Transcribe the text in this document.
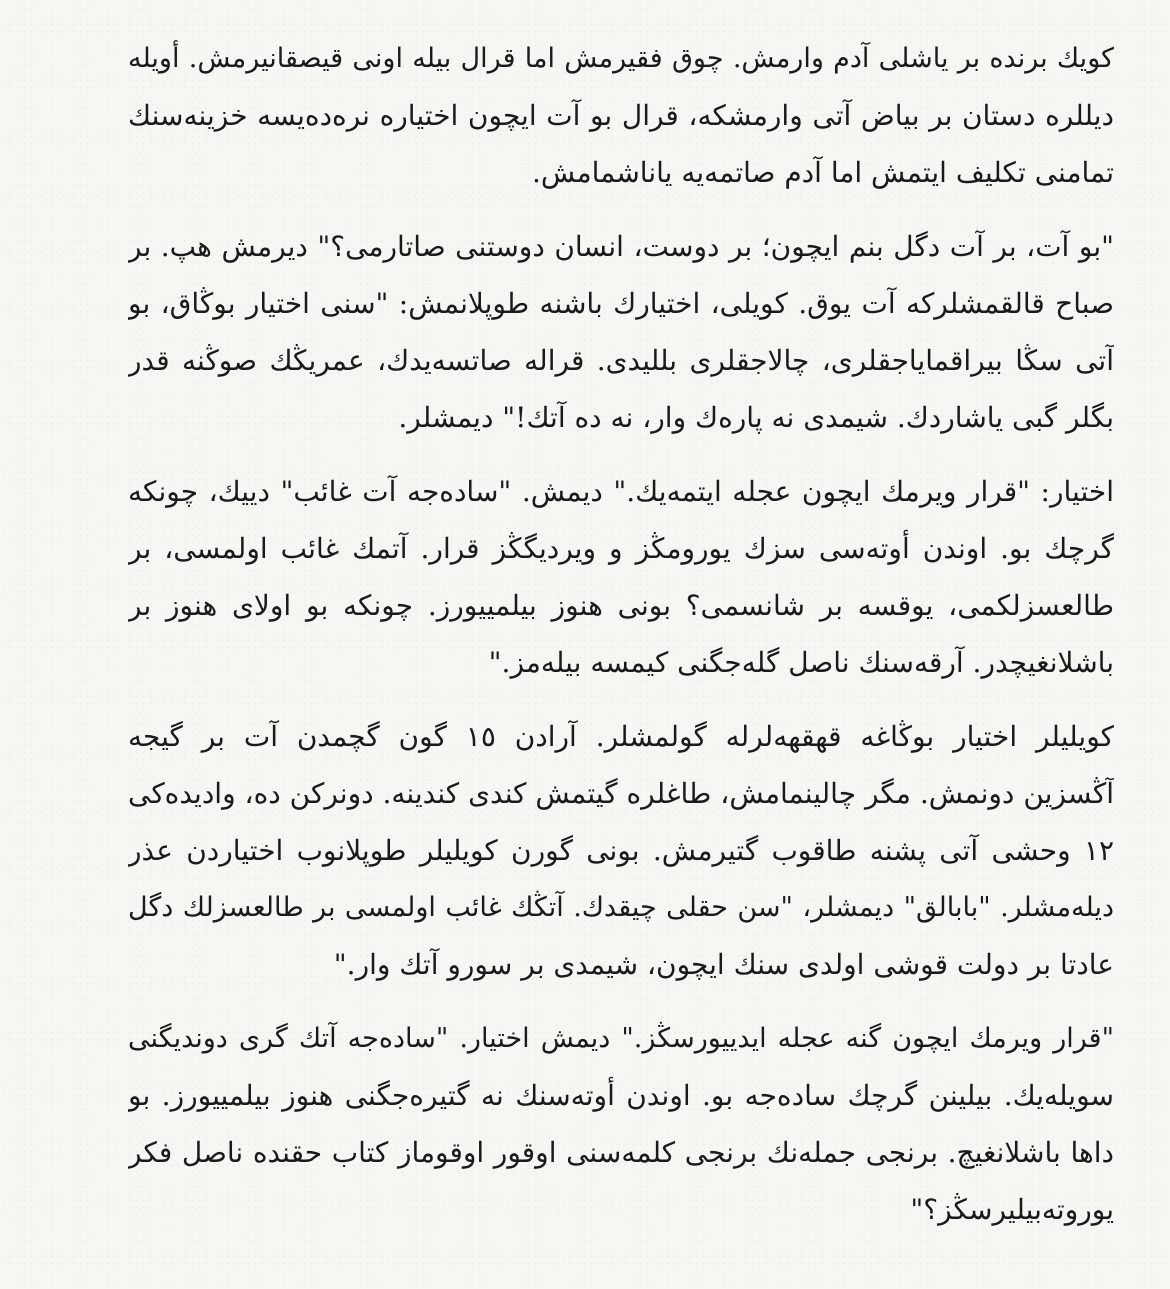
کویك برنده بر یاشلی آدم وارمش. چوق فقیرمش اما قرال بیله اونی قیصقانیرمش. أویله
دیللره دستان بر بیاض آتی وارمشکه، قرال بو آت ایچون اختیاره نره‌ده‌یسه خزینه‌سنك
تمامنی تکلیف ایتمش اما آدم صاتمه‌یه یاناشمامش.
"بو آت، بر آت دگل بنم ایچون؛ بر دوست، انسان دوستنی صاتارمی؟" دیرمش هپ. بر
صباح قالقمشلرکه آت یوق. کویلی، اختیارك باشنه طوپلانمش: "سنی اختیار بوڭاق، بو
آتی سڭا بیراقمایاجقلری، چالاجقلری بللیدی. قراله صاتسه‌یدك، عمریڭك صوڭنه قدر
بگلر گبی یاشاردك. شیمدی نه پاره‌ك وار، نه ده آتك!" دیمشلر.
اختیار: "قرار ویرمك ایچون عجله ایتمه‌یك." دیمش. "ساده‌جه آت غائب" دییك، چونکه
گرچك بو. اوندن أوته‌سی سزك یورومڭز و ویردیگڭز قرار. آتمك غائب اولمسی، بر
طالعسزلکمی، یوقسه بر شانسمی؟ بونی هنوز بیلمییورز. چونکه بو اولای هنوز بر
باشلانغیچدر. آرقه‌سنك ناصل گله‌جگنی کیمسه بیله‌مز."
کویلیلر اختیار بوڭاغه قهقهه‌لرله گولمشلر. آرادن ١٥ گون گچمدن آت بر گیجه
آڭسزین دونمش. مگر چالینمامش، طاغلره گیتمش کندی کندینه. دونرکن ده، وادیده‌کی
١٢ وحشی آتی پشنه طاقوب گتیرمش. بونی گورن کویلیلر طوپلانوب اختیاردن عذر
دیله‌مشلر. "بابالق" دیمشلر، "سن حقلی چیقدك. آتڭك غائب اولمسی بر طالعسزلك دگل
عادتا بر دولت قوشی اولدی سنك ایچون، شیمدی بر سورو آتك وار."
"قرار ویرمك ایچون گنه عجله ایدییورسڭز." دیمش اختیار. "ساده‌جه آتك گری دوندیگنی
سویله‌یك. بیلینن گرچك ساده‌جه بو. اوندن أوته‌سنك نه گتیره‌جگنی هنوز بیلمییورز. بو
داها باشلانغیچ. برنجی جمله‌نك برنجی کلمه‌سنی اوقور اوقوماز کتاب حقنده ناصل فکر
یوروته‌بیلیرسڭز؟"
